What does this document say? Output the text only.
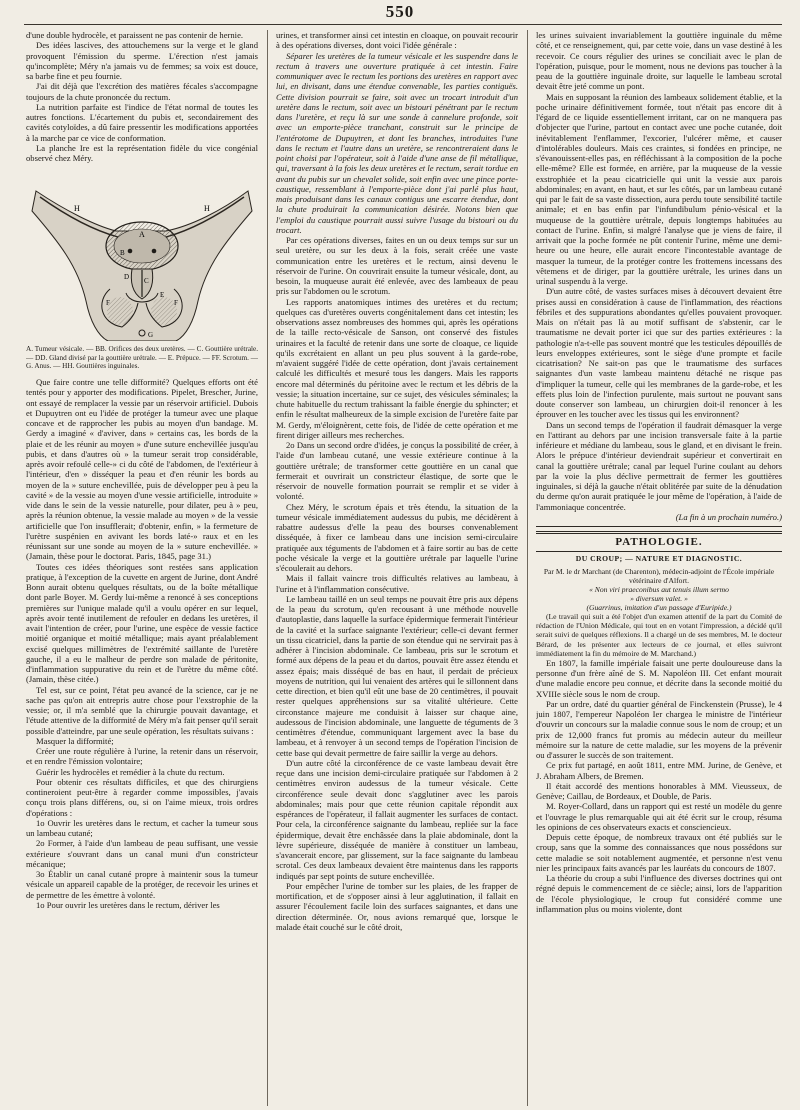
550

d'une double hydrocèle, et paraissent ne pas contenir de hernie.

Des idées lascives, des attouchemens sur la verge et le gland provoquent l'émission du sperme. L'érection n'est jamais qu'incomplète; Méry n'a jamais vu de femmes; sa voix est douce, sa barbe fine et peu fournie.

J'ai dit déjà que l'excrétion des matières fécales s'accompagne toujours de la chute prononcée du rectum.

La nutrition parfaite est l'indice de l'état normal de toutes les autres fonctions. L'écartement du pubis et, secondairement des cavités cotyloïdes, a dû faire pressentir les modifications apportées à la marche par ce vice de conformation.

La planche Ire est la représentation fidèle du vice congénial observé chez Méry.

H	H
A
B
C
D
E
F	F
G

A. Tumeur vésicale. — BB. Orifices des deux uretères. — C. Gouttière urétrale. — DD. Gland divisé par la gouttière urétrale. — E. Prépuce. — FF. Scrotum. — G. Anus. — HH. Gouttières inguinales.

Que faire contre une telle difformité? Quelques efforts ont été tentés pour y apporter des modifications. Pipelet, Brescher, Jurine, ont essayé de remplacer la vessie par un réservoir artificiel. Dubois et Dupuytren ont eu l'idée de protéger la tumeur avec une plaque concave et de rapprocher les pubis au moyen d'un bandage. M. Gerdy a imaginé « d'aviver, dans » certains cas, les bords de la plaie et de les réunir au moyen » d'une suture enchevillée jusqu'au pubis, et dans d'autres où » la tumeur serait trop considérable, après avoir refoulé celle-» ci du côté de l'abdomen, de l'extérieur à l'intérieur, d'en » disséquer la peau et d'en réunir les bords au moyen de la » suture enchevillée, puis de développer peu à peu la cavité » de la vessie au moyen d'une vessie artificielle, introduite » vide dans le sein de la vessie naturelle, pour dilater, peu à » peu, après la réunion obtenue, la vessie malade au moyen » de la vessie artificielle que l'on insufflerait; d'obtenir, enfin, » la fermeture de l'urètre suspénien en avivant les bords laté-» raux et en les réunissant sur une sonde au moyen de la » suture enchevillée. » (Jamain, thèse pour le doctorat. Paris, 1845, page 31.)

Toutes ces idées théoriques sont restées sans application pratique, à l'exception de la cuvette en argent de Jurine, dont André Bonn aurait obtenu quelques résultats, ou de la boîte métallique dont parle Boyer. M. Gerdy lui-même a renoncé à ses conceptions premières sur l'unique malade qu'il a voulu opérer en sur lequel, après avoir tenté inutilement de refouler en dedans les uretères, il avait l'intention de créer, pour l'urine, une espèce de vessie factice moitié organique et moitié métallique; mais ayant préalablement excisé quelques millimètres de l'extrémité saillante de l'uretère gauche, il a eu le malheur de perdre son malade de péritonite, d'inflammation suppurative du rein et de l'urètre du même côté. (Jamain, thèse citée.)

Tel est, sur ce point, l'état peu avancé de la science, car je ne sache pas qu'on ait entrepris autre chose pour l'exstrophie de la vessie; or, il m'a semblé que la chirurgie pouvait davantage, et l'étude attentive de la difformité de Méry m'a fait penser qu'il serait possible d'atteindre, par une seule opération, les résultats suivans :

Masquer la difformité;

Créer une route régulière à l'urine, la retenir dans un réservoir, et en rendre l'émission volontaire;

Guérir les hydrocèles et remédier à la chute du rectum.

Pour obtenir ces résultats difficiles, et que des chirurgiens contineroient peut-être à regarder comme impossibles, j'avais conçu trois plans différens, ou, si on l'aime mieux, trois ordres d'opérations :

1o Ouvrir les uretères dans le rectum, et cacher la tumeur sous un lambeau cutané;

2o Former, à l'aide d'un lambeau de peau suffisant, une vessie extérieure s'ouvrant dans un canal muni d'un constricteur mécanique;

3o Établir un canal cutané propre à maintenir sous la tumeur vésicale un appareil capable de la protéger, de recevoir les urines et de permettre de les émettre à volonté.

1o Pour ouvrir les uretères dans le rectum, dériver les

urines, et transformer ainsi cet intestin en cloaque, on pouvait recourir à des opérations diverses, dont voici l'idée générale :

Séparer les uretères de la tumeur vésicale et les suspendre dans le rectum à travers une ouverture pratiquée à cet intestin. Faire communiquer avec le rectum les portions des uretères en rapport avec lui, en divisant, dans une étendue convenable, les parties contiguës. Cette division pourrait se faire, soit avec un trocart introduit d'un uretère dans le rectum, soit avec un bistouri pénétrant par le rectum dans l'uretère, et reçu là sur une sonde à cannelure profonde, soit avec un emporte-pièce tranchant, construit sur le principe de l'entérotome de Dupuytren, et dont les branches, introduites l'une dans le rectum et l'autre dans un uretère, se rencontreraient dans le point choisi par l'opérateur, soit à l'aide d'une anse de fil métallique, qui, traversant à la fois les deux uretères et le rectum, serait tordue en avant du pubis sur un chevalet solide, soit enfin avec une pince porte-caustique, ressemblant à l'emporte-pièce dont j'ai parlé plus haut, mais produisant dans les canaux contigus une escarre étendue, dont la chute produirait la communication désirée. Notons bien que l'emploi du caustique pourrait aussi suivre l'usage du bistouri ou du trocart.

Par ces opérations diverses, faites en un ou deux temps sur sur un seul uretère, ou sur les deux à la fois, serait créée une vaste communication entre les uretères et le rectum, ainsi devenu le réservoir de l'urine. On couvrirait ensuite la tumeur vésicale, dont, au besoin, la muqueuse aurait été enlevée, avec des lambeaux de peau pris sur l'abdomen ou le scrotum.

Les rapports anatomiques intimes des uretères et du rectum; quelques cas d'uretères ouverts congénitalement dans cet intestin; les observations assez nombreuses des hommes qui, après les opérations de la taille recto-vésicale de Sanson, ont conservé des fistules urinaires et la faculté de retenir dans une sorte de cloaque, ce liquide qu'ils excrétaient en allant un peu plus souvent à la garde-robe, m'avaient suggéré l'idée de cette opération, dont j'avais certainement calculé les difficultés et mesuré tous les dangers. Mais les rapports encore mal déterminés du péritoine avec le rectum et les débris de la vessie; la situation incertaine, sur ce sujet, des vésicules séminales; la chute habituelle du rectum trahissant la faible énergie du sphincter; et enfin le résultat malheureux de la simple excision de l'uretère faite par M. Gerdy, m'éloignèrent, cette fois, de l'idée de cette opération et me firent diriger ailleurs mes recherches.

2o Dans un second ordre d'idées, je conçus la possibilité de créer, à l'aide d'un lambeau cutané, une vessie extérieure continue à la gouttière urétrale; de transformer cette gouttière en un canal que fermerait et ouvrirait un constricteur élastique, de sorte que le réservoir de nouvelle formation pourrait se remplir et se vider à volonté.

Chez Méry, le scrotum épais et très étendu, la situation de la tumeur vésicale immédiatement audessus du pubis, me décidèrent à rabattre audessus d'elle la peau des bourses convenablement disséquée, à fixer ce lambeau dans une incision semi-circulaire pratiquée aux téguments de l'abdomen et à faire sortir au bas de cette poche vésicale la verge et la gouttière urétrale par laquelle l'urine s'écoulerait au dehors.

Mais il fallait vaincre trois difficultés relatives au lambeau, à l'urine et à l'inflammation consécutive.

Le lambeau taillé en un seul temps ne pouvait être pris aux dépens de la peau du scrotum, qu'en recousant à une méthode nouvelle d'autoplastie, dans laquelle la surface épidermique fermerait l'intérieur de la cavité et la surface saignante l'extérieur; celle-ci devant fermer un tissu cicatriciel, dans la partie de son étendue qui ne servirait pas à adhérer à l'incision abdominale. Ce lambeau, pris sur le scrotum et formé aux dépens de la peau et du dartos, pouvait être assez étendu et assez épais; mais disséqué de bas en haut, il perdait de précieux moyens de nutrition, qui lui venaient des artères qui le sillonnent dans cette direction, et bien qu'il eût une base de 20 centimètres, il pouvait rester quelques appréhensions sur sa vitalité ultérieure. Cette circonstance majeure me conduisit à laisser sur chaque aine, audessous de l'incision abdominale, une languette de téguments de 3 centimètres d'étendue, communiquant largement avec la base du lambeau, et à renvoyer à un second temps de l'opération l'incision de cette base qui devait permettre de faire saillir la verge au dehors.

D'un autre côté la circonférence de ce vaste lambeau devait être reçue dans une incision demi-circulaire pratiquée sur l'abdomen à 2 centimètres environ audessus de la tumeur vésicale. Cette circonférence seule devait donc s'agglutiner avec les parois abdominales; mais pour que cette réunion capitale répondit aux espérances de l'opérateur, il fallait augmenter les surfaces de contact. Pour cela, la circonférence saignante du lambeau, repliée sur la face épidermique, devait être enchâssée dans la plaie abdominale, dont la lèvre supérieure, disséquée de manière à constituer un lambeau, s'avancerait encore, par glissement, sur la face saignante du lambeau scrotal. Ces deux lambeaux devaient être maintenus dans les rapports indiqués par sept points de suture enchevillée.

Pour empêcher l'urine de tomber sur les plaies, de les frapper de mortification, et de s'opposer ainsi à leur agglutination, il fallait en assurer l'écoulement facile loin des surfaces saignantes, et dans une direction déterminée. Or, nous avions remarqué que, lorsque le malade était couché sur le côté droit,

les urines suivaient invariablement la gouttière inguinale du même côté, et ce renseignement, qui, par cette voie, dans un vase destiné à les recevoir. Ce cours régulier des urines se conciliait avec le plan de l'opération, puisque, pour le moment, nous ne devions pas toucher à la peau de la gouttière inguinale droite, sur laquelle le lambeau scrotal devait être jeté comme un pont.

Mais en supposant la réunion des lambeaux solidement établie, et la poche urinaire définitivement formée, tout n'était pas encore dit à l'égard de ce liquide essentiellement irritant, car on ne manquera pas d'objecter que l'urine, partout en contact avec une poche cutanée, doit inévitablement l'enflammer, l'excorier, l'ulcérer même, et causer d'intolérables douleurs. Mais ces craintes, si fondées en principe, ne s'évanouissent-elles pas, en réfléchissant à la composition de la poche elle-même? Elle est formée, en arrière, par la muqueuse de la vessie exstrophiée et la peau cicatricielle qui unit la vessie aux parois abdominales; en avant, en haut, et sur les côtés, par un lambeau cutané qui par le fait de sa vaste dissection, aura perdu toute sensibilité tactile animale; et en bas enfin par l'infundibulum pénio-vésical et la muqueuse de la gouttière urétrale, depuis longtemps habituées au contact de l'urine. Enfin, si malgré l'analyse que je viens de faire, il arrivait que la poche formée ne pût contenir l'urine, même une demi-heure ou une heure, elle aurait encore l'incontestable avantage de masquer la tumeur, de la protéger contre les frottemens incessans des vêtemens et de diriger, par la gouttière urétrale, les urines dans un urinal suspendu à la verge.

D'un autre côté, de vastes surfaces mises à découvert devaient être prises aussi en considération à cause de l'inflammation, des réactions fébriles et des suppurations abondantes qu'elles pouvaient provoquer. Mais on n'était pas là au motif suffisant de s'abstenir, car le traumatisme ne devait porter ici que sur des parties extérieures : la pathologie n'a-t-elle pas souvent montré que les testicules dépouillés de leurs enveloppes extérieures, sont le siège d'une prompte et facile cicatrisation? Ne sait-on pas que le traumatisme des surfaces saignantes d'un vaste lambeau maintenu détaché ne risque pas d'impliquer la tumeur, celle qui les membranes de la garde-robe, et les effets plus loin de l'infection purulente, mais surtout ne pouvant sans doute conserver son lambeau, un chirurgien doit-il renoncer à les éprouver en les toucher avec les tissus qui les environnent?

Dans un second temps de l'opération il faudrait démasquer la verge en l'attirant au dehors par une incision transversale faite à la partie inférieure et médiane du lambeau, sous le gland, et en divisant le frein. Alors le prépuce d'intérieur deviendrait supérieur et convertirait en canal la gouttière urétrale; canal par lequel l'urine coulant au dehors par la voie la plus déclive permettrait de fermer les gouttières inguinales, si déjà la gauche n'était oblitérée par suite de la dénudation du derme qu'on aurait pratiquée le jour même de l'opération, à l'aide de l'ammoniaque concentrée.

(La fin à un prochain numéro.)

PATHOLOGIE.

DU CROUP; — NATURE ET DIAGNOSTIC.

Par M. le dr Marchant (de Charenton), médecin-adjoint de l'École impériale vétérinaire d'Alfort.

« Non viri praeconibus aut tenuis illum sermo

» diversum valet. »

(Guarrinus, imitation d'un passage d'Euripide.)

(Le travail qui suit a été l'objet d'un examen attentif de la part du Comité de rédaction de l'Union Médicale, qui tout en en votant l'impression, a décidé qu'il serait suivi de quelques réflexions. Il a chargé un de ses membres, M. le docteur Bérard, de les présenter aux lecteurs de ce journal, et elles suivront immédiatement la fin du mémoire de M. Marchand.)

En 1807, la famille impériale faisait une perte douloureuse dans la personne d'un frère aîné de S. M. Napoléon III. Cet enfant mourait d'une maladie encore peu connue, et décrite dans la seconde moitié du XVIIIe siècle sous le nom de croup.

Par un ordre, daté du quartier général de Finckenstein (Prusse), le 4 juin 1807, l'empereur Napoléon Ier chargea le ministre de l'intérieur d'ouvrir un concours sur la maladie connue sous le nom de croup; et un prix de 12,000 francs fut promis au médecin auteur du meilleur mémoire sur la nature de cette maladie, sur les moyens de la prévenir ou d'assurer le succès de son traitement.

Ce prix fut partagé, en août 1811, entre MM. Jurine, de Genève, et J. Abraham Albers, de Bremen.

Il était accordé des mentions honorables à MM. Vieusseux, de Genève; Caillau, de Bordeaux, et Double, de Paris.

M. Royer-Collard, dans un rapport qui est resté un modèle du genre et l'ouvrage le plus remarquable qui ait été écrit sur le croup, résuma les opinions de ces observateurs exacts et consciencieux.

Depuis cette époque, de nombreux travaux ont été publiés sur le croup, sans que la somme des connaissances que nous possédons sur cette maladie se soit notablement augmentée, et personne n'est venu nier les principaux faits avancés par les lauréats du concours de 1807.

La théorie du croup a subi l'influence des diverses doctrines qui ont régné depuis le commencement de ce siècle; ainsi, lors de l'apparition de l'école physiologique, le croup fut considéré comme une inflammation plus ou moins violente, dont
